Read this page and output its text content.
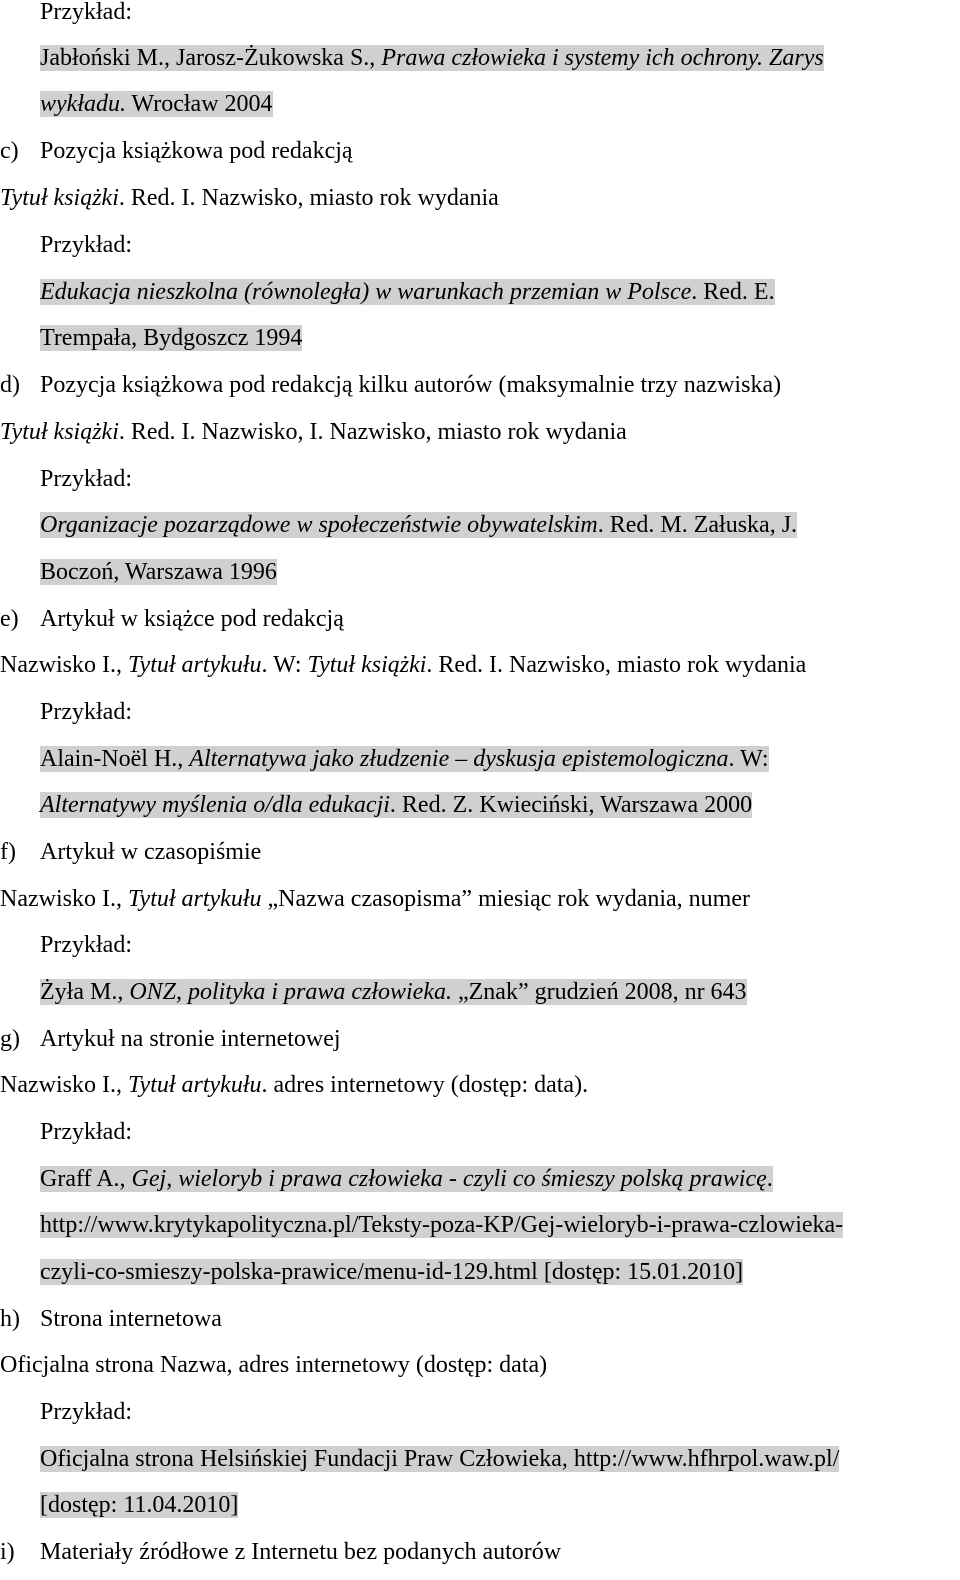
Przykład:
Jabłoński M., Jarosz-Żukowska S., Prawa człowieka i systemy ich ochrony. Zarys
wykładu. Wrocław 2004
c) Pozycja książkowa pod redakcją
Tytuł książki. Red. I. Nazwisko, miasto rok wydania
Przykład:
Edukacja nieszkolna (równoległa) w warunkach przemian w Polsce. Red. E.
Trempała, Bydgoszcz 1994
d) Pozycja książkowa pod redakcją kilku autorów (maksymalnie trzy nazwiska)
Tytuł książki. Red. I. Nazwisko, I. Nazwisko, miasto rok wydania
Przykład:
Organizacje pozarządowe w społeczeństwie obywatelskim. Red. M. Załuska, J.
Boczoń, Warszawa 1996
e) Artykuł w książce pod redakcją
Nazwisko I., Tytuł artykułu. W: Tytuł książki. Red. I. Nazwisko, miasto rok wydania
Przykład:
Alain-Noël H., Alternatywa jako złudzenie – dyskusja epistemologiczna. W:
Alternatywy myślenia o/dla edukacji. Red. Z. Kwieciński, Warszawa 2000
f) Artykuł w czasopiśmie
Nazwisko I., Tytuł artykułu „Nazwa czasopisma” miesiąc rok wydania, numer
Przykład:
Żyła M., ONZ, polityka i prawa człowieka. „Znak” grudzień 2008, nr 643
g) Artykuł na stronie internetowej
Nazwisko I., Tytuł artykułu. adres internetowy (dostęp: data).
Przykład:
Graff A., Gej, wieloryb i prawa człowieka - czyli co śmieszy polską prawicę.
http://www.krytykapolityczna.pl/Teksty-poza-KP/Gej-wieloryb-i-prawa-czlowieka-
czyli-co-smieszy-polska-prawice/menu-id-129.html [dostęp: 15.01.2010]
h) Strona internetowa
Oficjalna strona Nazwa, adres internetowy (dostęp: data)
Przykład:
Oficjalna strona Helsińskiej Fundacji Praw Człowieka, http://www.hfhrpol.waw.pl/
[dostęp: 11.04.2010]
i) Materiały źródłowe z Internetu bez podanych autorów
